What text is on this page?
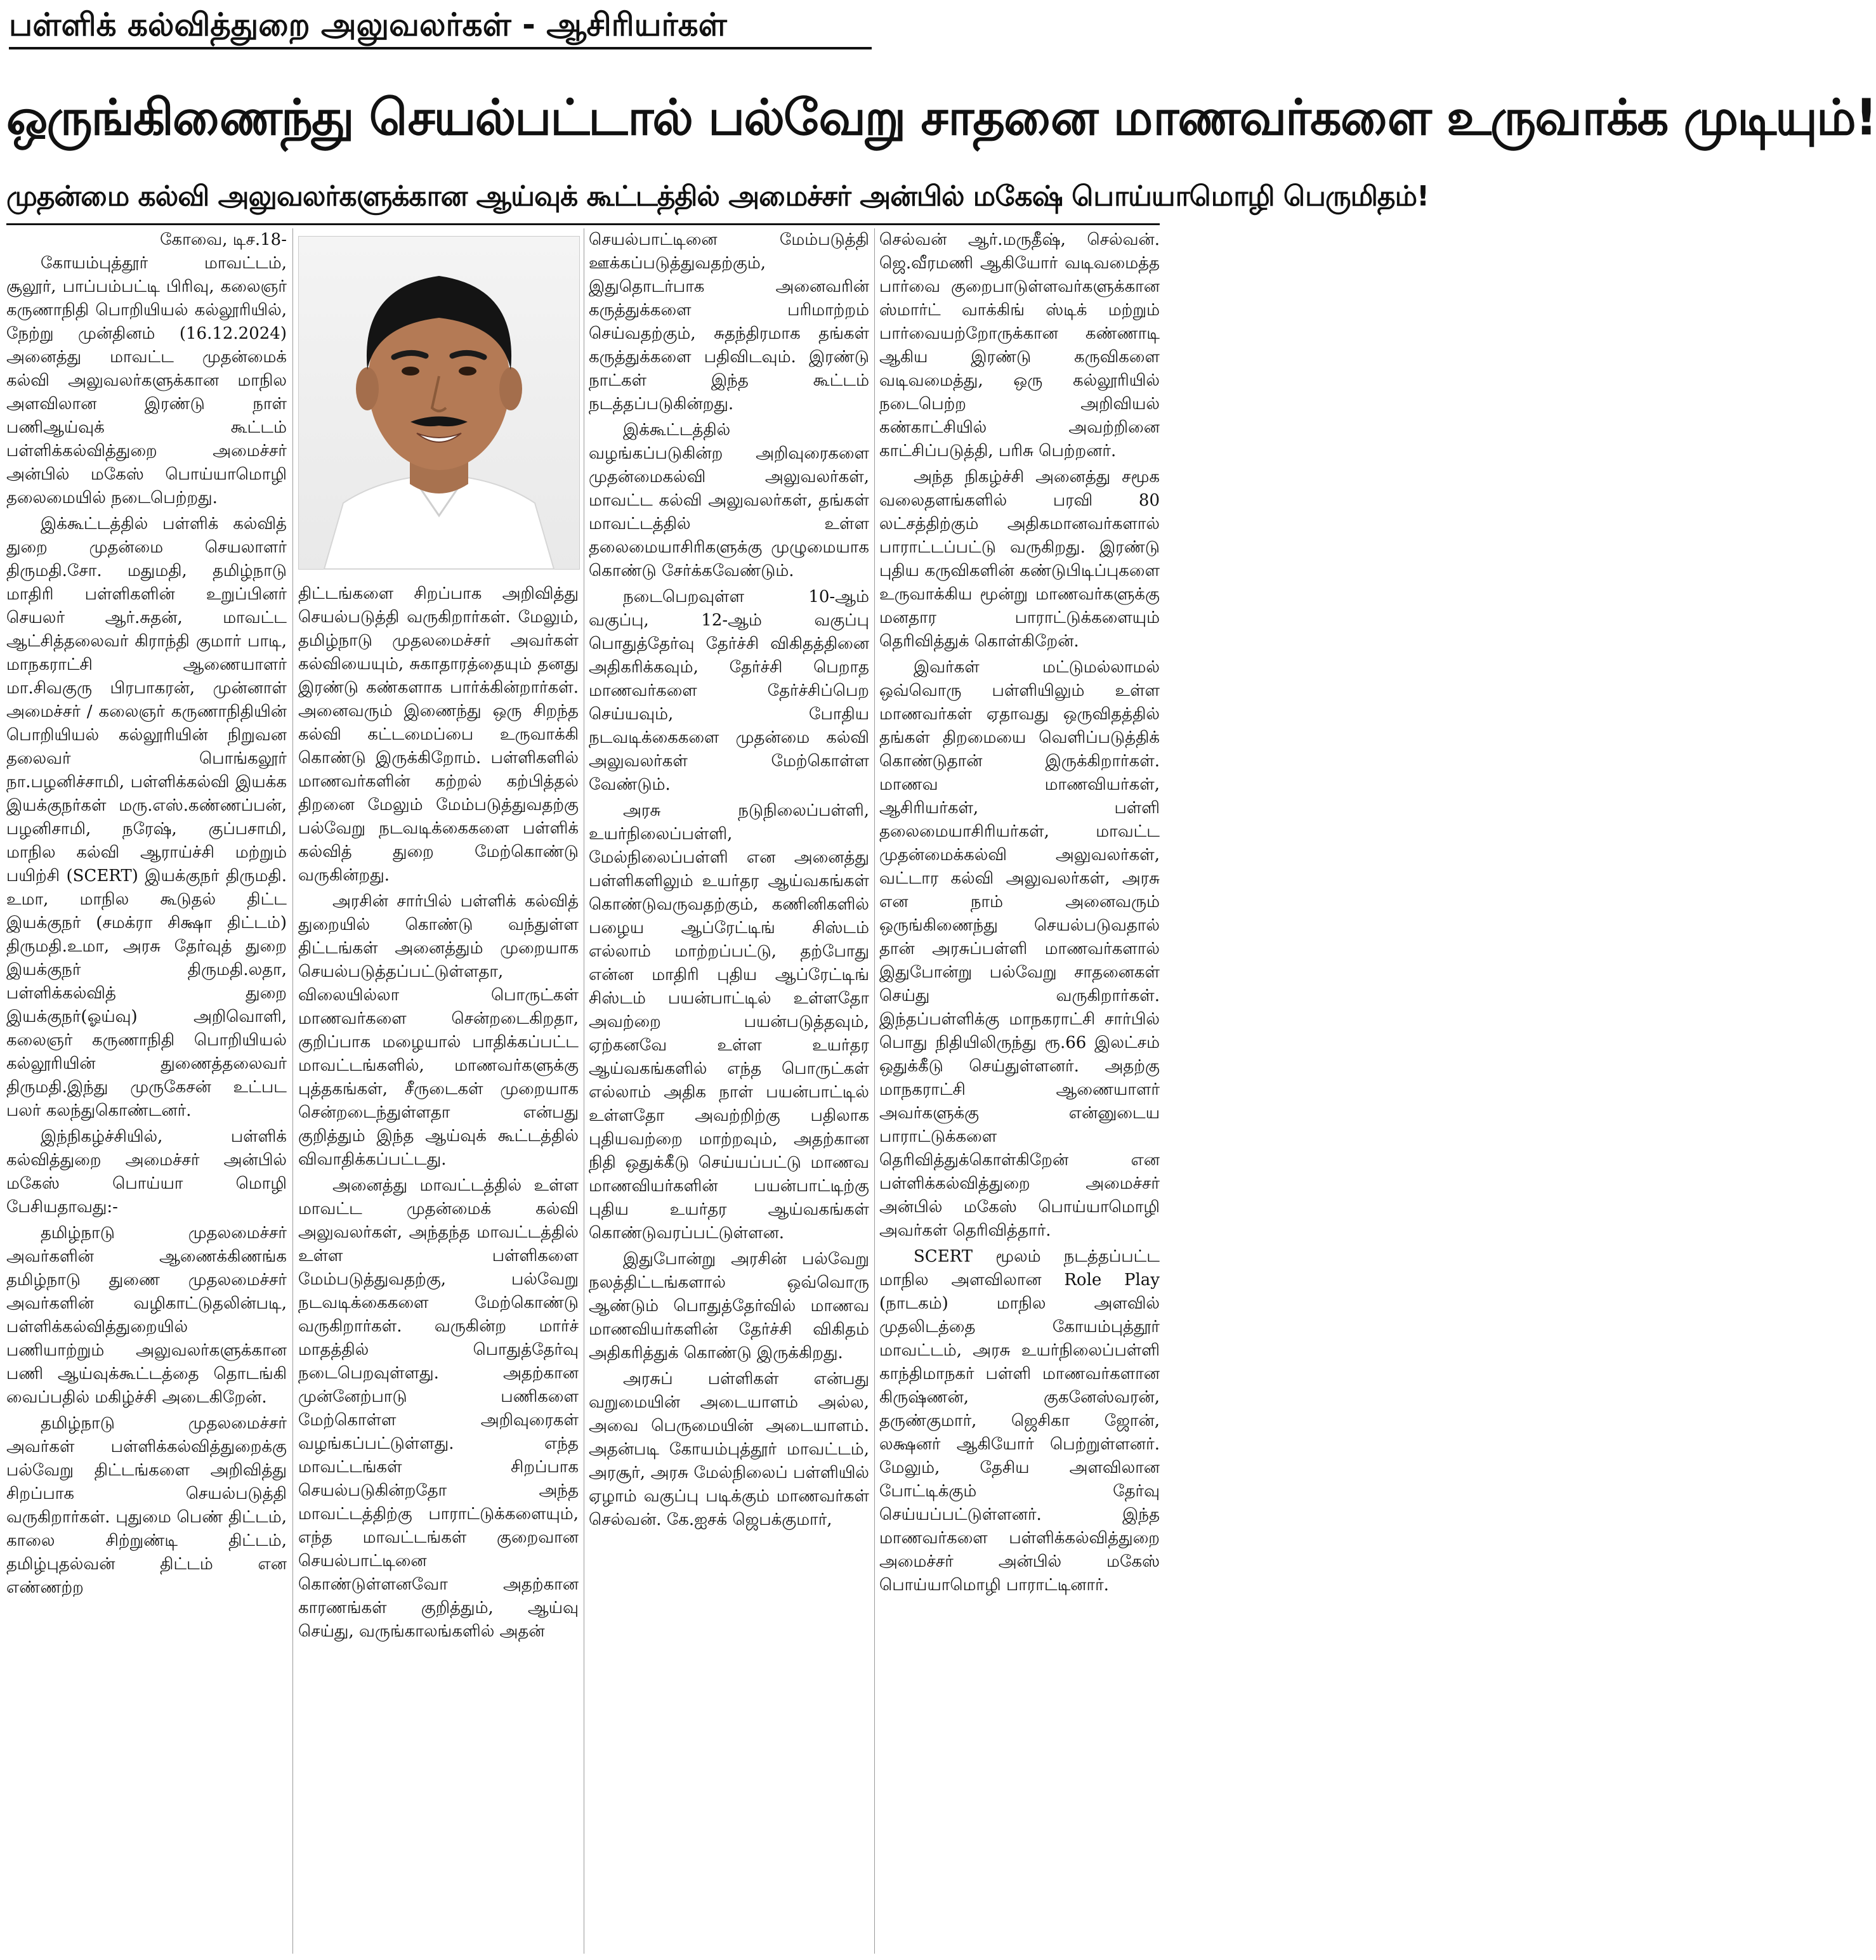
பள்ளிக் கல்வித்துறை அலுவலர்கள் - ஆசிரியர்கள்
ஒருங்கிணைந்து செயல்பட்டால் பல்வேறு சாதனை மாணவர்களை உருவாக்க முடியும்!
முதன்மை கல்வி அலுவலர்களுக்கான ஆய்வுக் கூட்டத்தில் அமைச்சர் அன்பில் மகேஷ் பொய்யாமொழி பெருமிதம்!
கோவை, டிச.18-

கோயம்புத்தூர் மாவட்டம், சூலூர், பாப்பம்பட்டி பிரிவு, கலைஞர் கருணாநிதி பொறியியல் கல்லூரியில், நேற்று முன்தினம் (16.12.2024) அனைத்து மாவட்ட முதன்மைக் கல்வி அலுவலர்களுக்கான மாநில அளவிலான இரண்டு நாள் பணிஆய்வுக் கூட்டம் பள்ளிக்கல்வித்துறை அமைச்சர் அன்பில் மகேஸ் பொய்யாமொழி தலைமையில் நடைபெற்றது.

இக்கூட்டத்தில் பள்ளிக் கல்வித் துறை முதன்மை செயலாளர் திருமதி.சோ. மதுமதி, தமிழ்நாடு மாதிரி பள்ளிகளின் உறுப்பினர் செயலர் ஆர்.சுதன், மாவட்ட ஆட்சித்தலைவர் கிராந்தி குமார் பாடி, மாநகராட்சி ஆணையாளர் மா.சிவகுரு பிரபாகரன், முன்னாள் அமைச்சர் / கலைஞர் கருணாநிதியின் பொறியியல் கல்லூரியின் நிறுவன தலைவர் பொங்கலூர் நா.பழனிச்சாமி, பள்ளிக்கல்வி இயக்க இயக்குநர்கள் மரு.எஸ்.கண்ணப்பன், பழனிசாமி, நரேஷ், குப்பசாமி, மாநில கல்வி ஆராய்ச்சி மற்றும் பயிற்சி (SCERT) இயக்குநர் திருமதி. உமா, மாநில கூடுதல் திட்ட இயக்குநர் (சமக்ரா சிக்ஷா திட்டம்) திருமதி.உமா, அரசு தேர்வுத் துறை இயக்குநர் திருமதி.லதா, பள்ளிக்கல்வித் துறை இயக்குநர்(ஓய்வு) அறிவொளி, கலைஞர் கருணாநிதி பொறியியல் கல்லூரியின் துணைத்தலைவர் திருமதி.இந்து முருகேசன் உட்பட பலர் கலந்துகொண்டனர்.

இந்நிகழ்ச்சியில், பள்ளிக் கல்வித்துறை அமைச்சர் அன்பில் மகேஸ் பொய்யா மொழி பேசியதாவது:-

தமிழ்நாடு முதலமைச்சர் அவர்களின் ஆணைக்கிணங்க தமிழ்நாடு துணை முதலமைச்சர் அவர்களின் வழிகாட்டுதலின்படி, பள்ளிக்கல்வித்துறையில் பணியாற்றும் அலுவலர்களுக்கான பணி ஆய்வுக்கூட்டத்தை தொடங்கி வைப்பதில் மகிழ்ச்சி அடைகிறேன்.

தமிழ்நாடு முதலமைச்சர் அவர்கள் பள்ளிக்கல்வித்துறைக்கு பல்வேறு திட்டங்களை அறிவித்து சிறப்பாக செயல்படுத்தி வருகிறார்கள். புதுமை பெண் திட்டம், காலை சிற்றுண்டி திட்டம், தமிழ்புதல்வன் திட்டம் என எண்ணற்ற

திட்டங்களை சிறப்பாக அறிவித்து செயல்படுத்தி வருகிறார்கள். மேலும், தமிழ்நாடு முதலமைச்சர் அவர்கள் கல்வியையும், சுகாதாரத்தையும் தனது இரண்டு கண்களாக பார்க்கின்றார்கள். அனைவரும் இணைந்து ஒரு சிறந்த கல்வி கட்டமைப்பை உருவாக்கி கொண்டு இருக்கிறோம். பள்ளிகளில் மாணவர்களின் கற்றல் கற்பித்தல் திறனை மேலும் மேம்படுத்துவதற்கு பல்வேறு நடவடிக்கைகளை பள்ளிக் கல்வித் துறை மேற்கொண்டு வருகின்றது.

அரசின் சார்பில் பள்ளிக் கல்வித் துறையில் கொண்டு வந்துள்ள திட்டங்கள் அனைத்தும் முறையாக செயல்படுத்தப்பட்டுள்ளதா, விலையில்லா பொருட்கள் மாணவர்களை சென்றடைகிறதா, குறிப்பாக மழையால் பாதிக்கப்பட்ட மாவட்டங்களில், மாணவர்களுக்கு புத்தகங்கள், சீருடைகள் முறையாக சென்றடைந்துள்ளதா என்பது குறித்தும் இந்த ஆய்வுக் கூட்டத்தில் விவாதிக்கப்பட்டது.

அனைத்து மாவட்டத்தில் உள்ள மாவட்ட முதன்மைக் கல்வி அலுவலர்கள், அந்தந்த மாவட்டத்தில் உள்ள பள்ளிகளை மேம்படுத்துவதற்கு, பல்வேறு நடவடிக்கைகளை மேற்கொண்டு வருகிறார்கள். வருகின்ற மார்ச் மாதத்தில் பொதுத்தேர்வு நடைபெறவுள்ளது. அதற்கான முன்னேற்பாடு பணிகளை மேற்கொள்ள அறிவுரைகள் வழங்கப்பட்டுள்ளது. எந்த மாவட்டங்கள் சிறப்பாக செயல்படுகின்றதோ அந்த மாவட்டத்திற்கு பாராட்டுக்களையும், எந்த மாவட்டங்கள் குறைவான செயல்பாட்டினை கொண்டுள்ளனவோ அதற்கான காரணங்கள் குறித்தும், ஆய்வு செய்து, வருங்காலங்களில் அதன்

செயல்பாட்டினை மேம்படுத்தி ஊக்கப்படுத்துவதற்கும், இதுதொடர்பாக அனைவரின் கருத்துக்களை பரிமாற்றம் செய்வதற்கும், சுதந்திரமாக தங்கள் கருத்துக்களை பதிவிடவும். இரண்டு நாட்கள் இந்த கூட்டம் நடத்தப்படுகின்றது.

இக்கூட்டத்தில் வழங்கப்படுகின்ற அறிவுரைகளை முதன்மைகல்வி அலுவலர்கள், மாவட்ட கல்வி அலுவலர்கள், தங்கள் மாவட்டத்தில் உள்ள தலைமையாசிரிகளுக்கு முழுமையாக கொண்டு சேர்க்கவேண்டும்.

நடைபெறவுள்ள 10-ஆம் வகுப்பு, 12-ஆம் வகுப்பு பொதுத்தேர்வு தேர்ச்சி விகிதத்தினை அதிகரிக்கவும், தேர்ச்சி பெறாத மாணவர்களை தேர்ச்சிப்பெற செய்யவும், போதிய நடவடிக்கைகளை முதன்மை கல்வி அலுவலர்கள் மேற்கொள்ள வேண்டும்.

அரசு நடுநிலைப்பள்ளி, உயர்நிலைப்பள்ளி, மேல்நிலைப்பள்ளி என அனைத்து பள்ளிகளிலும் உயர்தர ஆய்வகங்கள் கொண்டுவருவதற்கும், கணினிகளில் பழைய ஆப்ரேட்டிங் சிஸ்டம் எல்லாம் மாற்றப்பட்டு, தற்போது என்ன மாதிரி புதிய ஆப்ரேட்டிங் சிஸ்டம் பயன்பாட்டில் உள்ளதோ அவற்றை பயன்படுத்தவும், ஏற்கனவே உள்ள உயர்தர ஆய்வகங்களில் எந்த பொருட்கள் எல்லாம் அதிக நாள் பயன்பாட்டில் உள்ளதோ அவற்றிற்கு பதிலாக புதியவற்றை மாற்றவும், அதற்கான நிதி ஒதுக்கீடு செய்யப்பட்டு மாணவ மாணவியர்களின் பயன்பாட்டிற்கு புதிய உயர்தர ஆய்வகங்கள் கொண்டுவரப்பட்டுள்ளன.

இதுபோன்று அரசின் பல்வேறு நலத்திட்டங்களால் ஒவ்வொரு ஆண்டும் பொதுத்தேர்வில் மாணவ மாணவியர்களின் தேர்ச்சி விகிதம் அதிகரித்துக் கொண்டு இருக்கிறது.

அரசுப் பள்ளிகள் என்பது வறுமையின் அடையாளம் அல்ல, அவை பெருமையின் அடையாளம். அதன்படி கோயம்புத்தூர் மாவட்டம், அரசூர், அரசு மேல்நிலைப் பள்ளியில் ஏழாம் வகுப்பு படிக்கும் மாணவர்கள் செல்வன். கே.ஐசக் ஜெபக்குமார்,

செல்வன் ஆர்.மருதீஷ், செல்வன். ஜெ.வீரமணி ஆகியோர் வடிவமைத்த பார்வை குறைபாடுள்ளவர்களுக்கான ஸ்மார்ட் வாக்கிங் ஸ்டிக் மற்றும் பார்வையற்றோருக்கான கண்ணாடி ஆகிய இரண்டு கருவிகளை வடிவமைத்து, ஒரு கல்லூரியில் நடைபெற்ற அறிவியல் கண்காட்சியில் அவற்றினை காட்சிப்படுத்தி, பரிசு பெற்றனர்.

அந்த நிகழ்ச்சி அனைத்து சமூக வலைதளங்களில் பரவி 80 லட்சத்திற்கும் அதிகமானவர்களால் பாராட்டப்பட்டு வருகிறது. இரண்டு புதிய கருவிகளின் கண்டுபிடிப்புகளை உருவாக்கிய மூன்று மாணவர்களுக்கு மனதார பாராட்டுக்களையும் தெரிவித்துக் கொள்கிறேன்.

இவர்கள் மட்டுமல்லாமல் ஒவ்வொரு பள்ளியிலும் உள்ள மாணவர்கள் ஏதாவது ஒருவிதத்தில் தங்கள் திறமையை வெளிப்படுத்திக் கொண்டுதான் இருக்கிறார்கள். மாணவ மாணவியர்கள், ஆசிரியர்கள், பள்ளி தலைமையாசிரியர்கள், மாவட்ட முதன்மைக்கல்வி அலுவலர்கள், வட்டார கல்வி அலுவலர்கள், அரசு என நாம் அனைவரும் ஒருங்கிணைந்து செயல்படுவதால் தான் அரசுப்பள்ளி மாணவர்களால் இதுபோன்று பல்வேறு சாதனைகள் செய்து வருகிறார்கள். இந்தப்பள்ளிக்கு மாநகராட்சி சார்பில் பொது நிதியிலிருந்து ரூ.66 இலட்சம் ஒதுக்கீடு செய்துள்ளனர். அதற்கு மாநகராட்சி ஆணையாளர் அவர்களுக்கு என்னுடைய பாராட்டுக்களை தெரிவித்துக்கொள்கிறேன் என பள்ளிக்கல்வித்துறை அமைச்சர் அன்பில் மகேஸ் பொய்யாமொழி அவர்கள் தெரிவித்தார்.

SCERT மூலம் நடத்தப்பட்ட மாநில அளவிலான Role Play (நாடகம்) மாநில அளவில் முதலிடத்தை கோயம்புத்தூர் மாவட்டம், அரசு உயர்நிலைப்பள்ளி காந்திமாநகர் பள்ளி மாணவர்களான கிருஷ்ணன், குகனேஸ்வரன், தருண்குமார், ஜெசிகா ஜோன், லக்ஷனர் ஆகியோர் பெற்றுள்ளனர். மேலும், தேசிய அளவிலான போட்டிக்கும் தேர்வு செய்யப்பட்டுள்ளனர். இந்த மாணவர்களை பள்ளிக்கல்வித்துறை அமைச்சர் அன்பில் மகேஸ் பொய்யாமொழி பாராட்டினார்.
